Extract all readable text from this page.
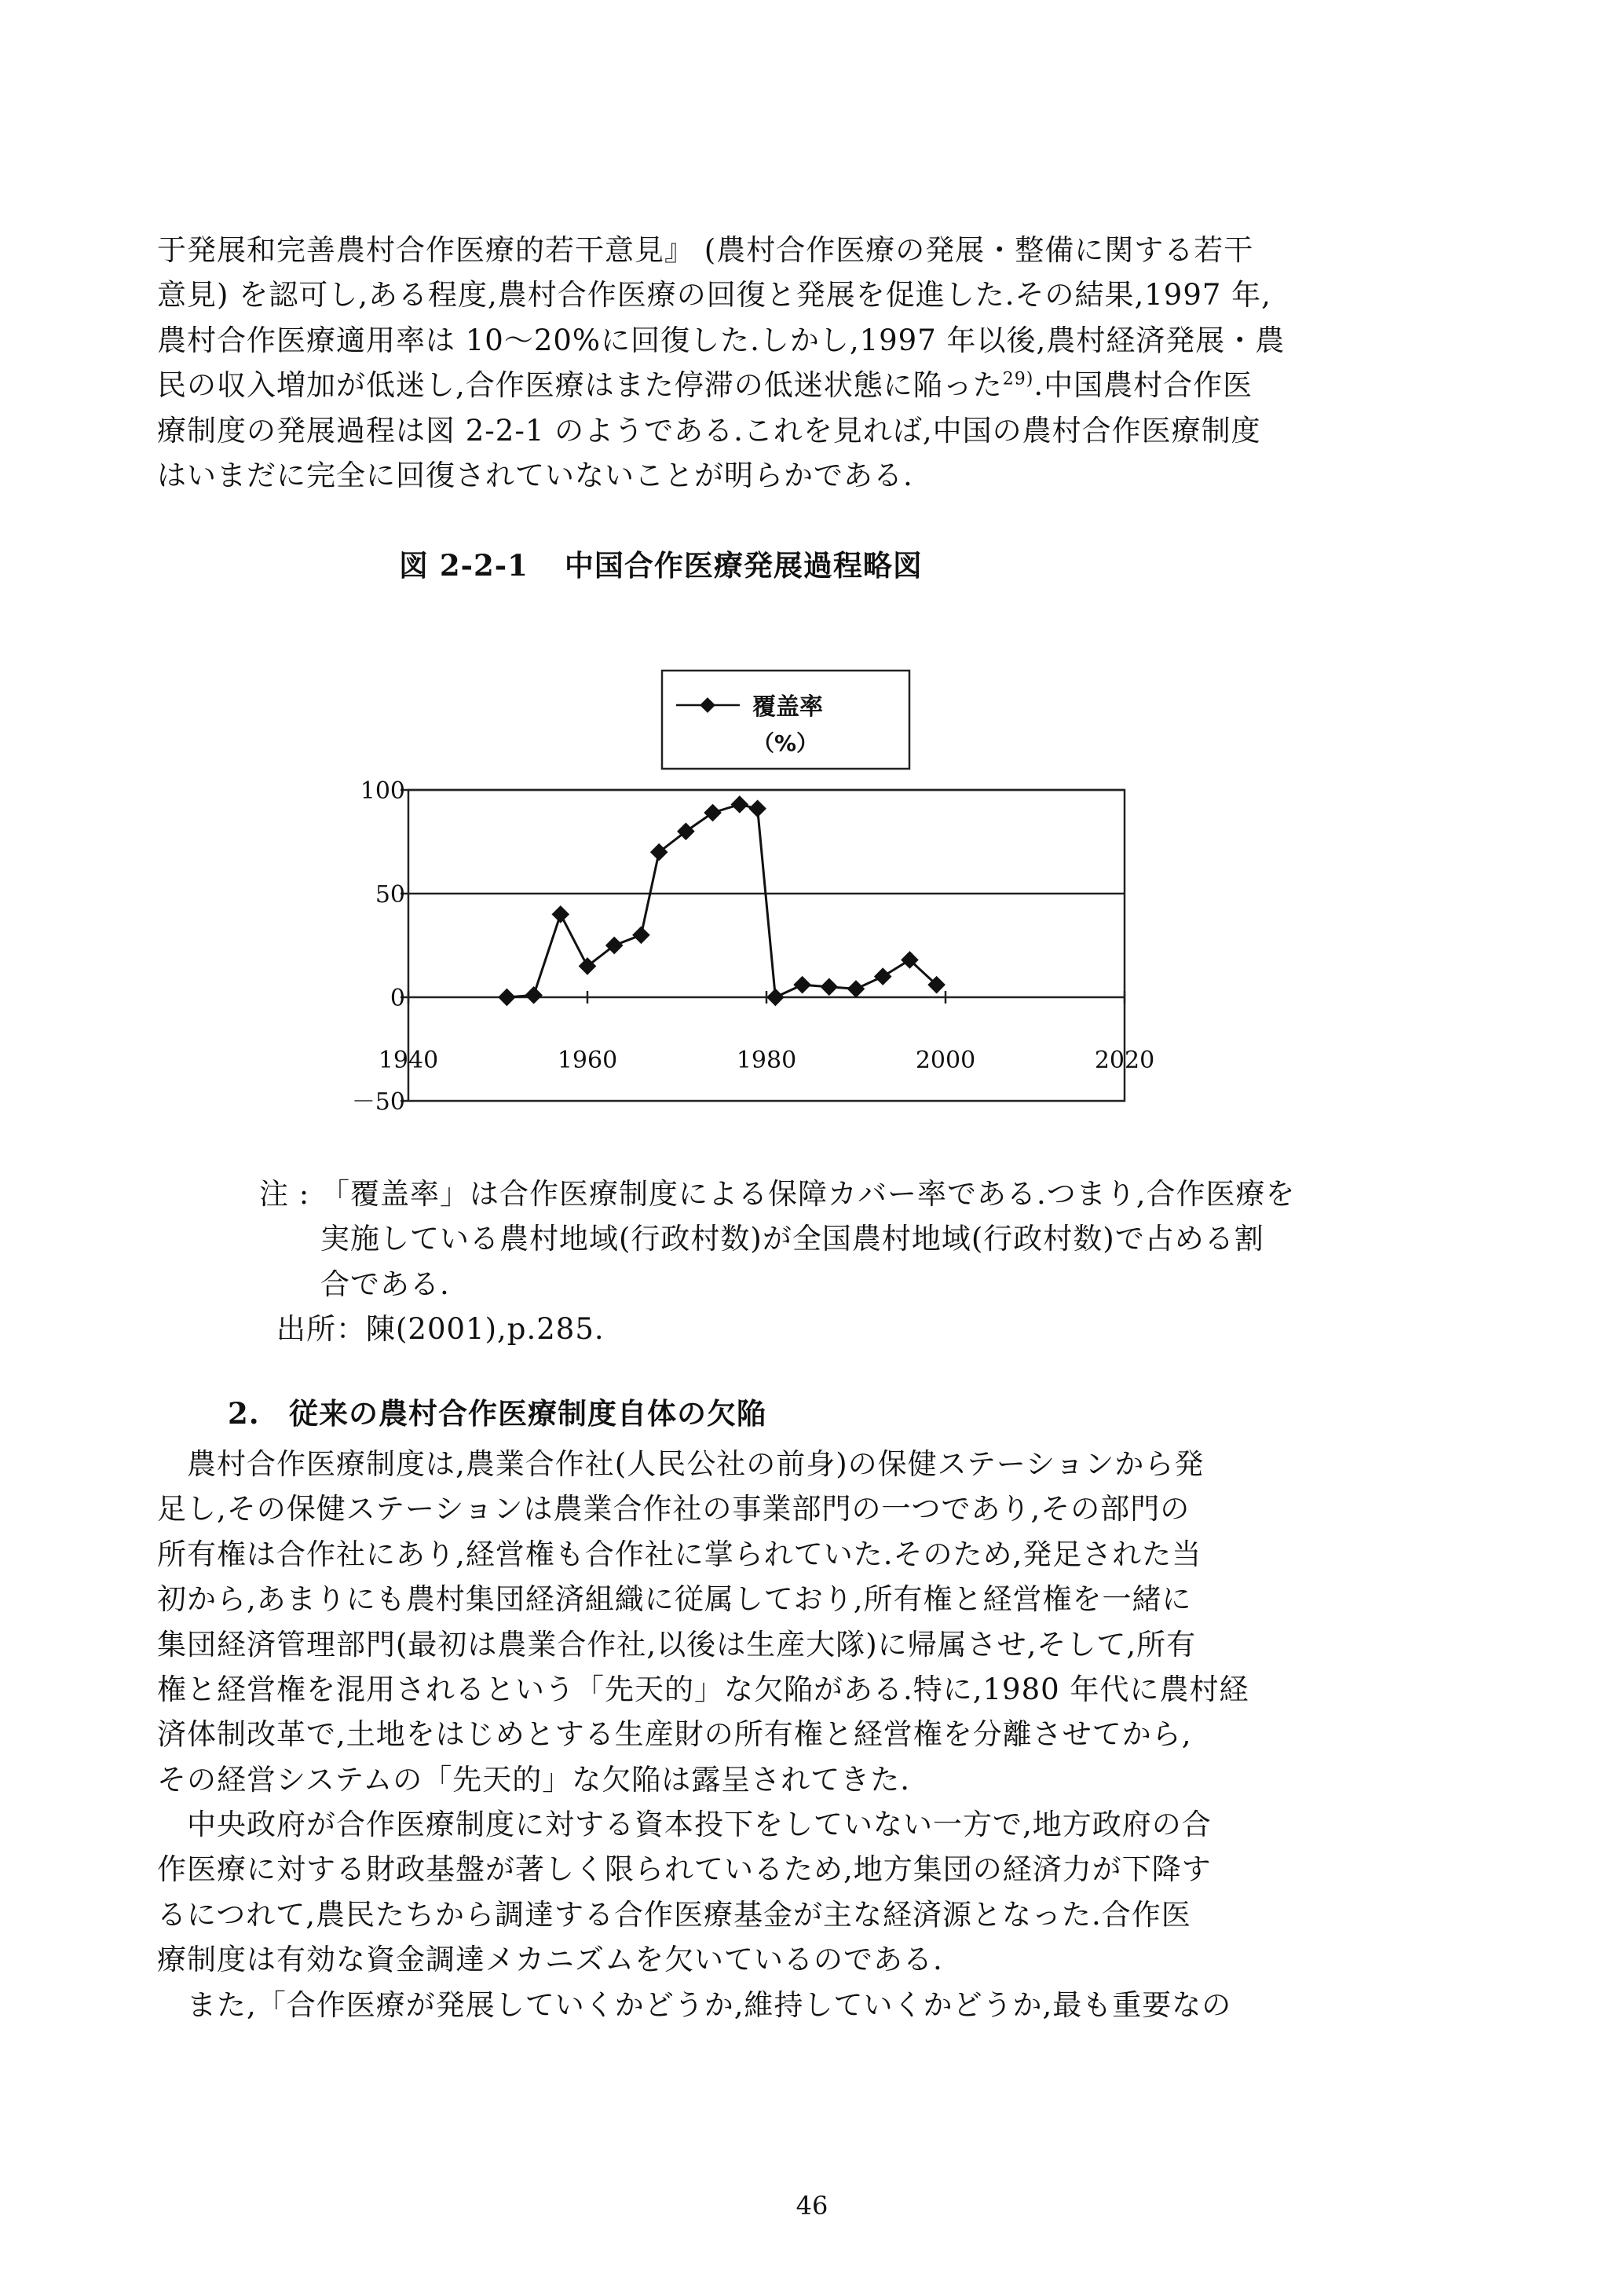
于発展和完善農村合作医療的若干意見』 (農村合作医療の発展・整備に関する若干
意見) を認可し,ある程度,農村合作医療の回復と発展を促進した.その結果,1997 年,
農村合作医療適用率は 10～20%に回復した.しかし,1997 年以後,農村経済発展・農
民の収入増加が低迷し,合作医療はまた停滞の低迷状態に陥った$^{29)}$.中国農村合作医
療制度の発展過程は図 2-2-1 のようである.これを見れば,中国の農村合作医療制度
はいまだに完全に回復されていないことが明らかである.
図 2-2-1 中国合作医療発展過程略図
覆盖率
（%）
100
50
0
－50
1940	1960	1980	2000	2020
注 : 「覆盖率」は合作医療制度による保障カバー率である.つまり,合作医療を
実施している農村地域(行政村数)が全国農村地域(行政村数)で占める割
合である.
出所：陳(2001),p.285.
2. 従来の農村合作医療制度自体の欠陥
　農村合作医療制度は,農業合作社(人民公社の前身)の保健ステーションから発
足し,その保健ステーションは農業合作社の事業部門の一つであり,その部門の
所有権は合作社にあり,経営権も合作社に掌られていた.そのため,発足された当
初から,あまりにも農村集団経済組織に従属しており,所有権と経営権を一緒に
集団経済管理部門(最初は農業合作社,以後は生産大隊)に帰属させ,そして,所有
権と経営権を混用されるという「先天的」な欠陥がある.特に,1980 年代に農村経
済体制改革で,土地をはじめとする生産財の所有権と経営権を分離させてから,
その経営システムの「先天的」な欠陥は露呈されてきた.
　中央政府が合作医療制度に対する資本投下をしていない一方で,地方政府の合
作医療に対する財政基盤が著しく限られているため,地方集団の経済力が下降す
るにつれて,農民たちから調達する合作医療基金が主な経済源となった.合作医
療制度は有効な資金調達メカニズムを欠いているのである.
　また,「合作医療が発展していくかどうか,維持していくかどうか,最も重要なの
46
